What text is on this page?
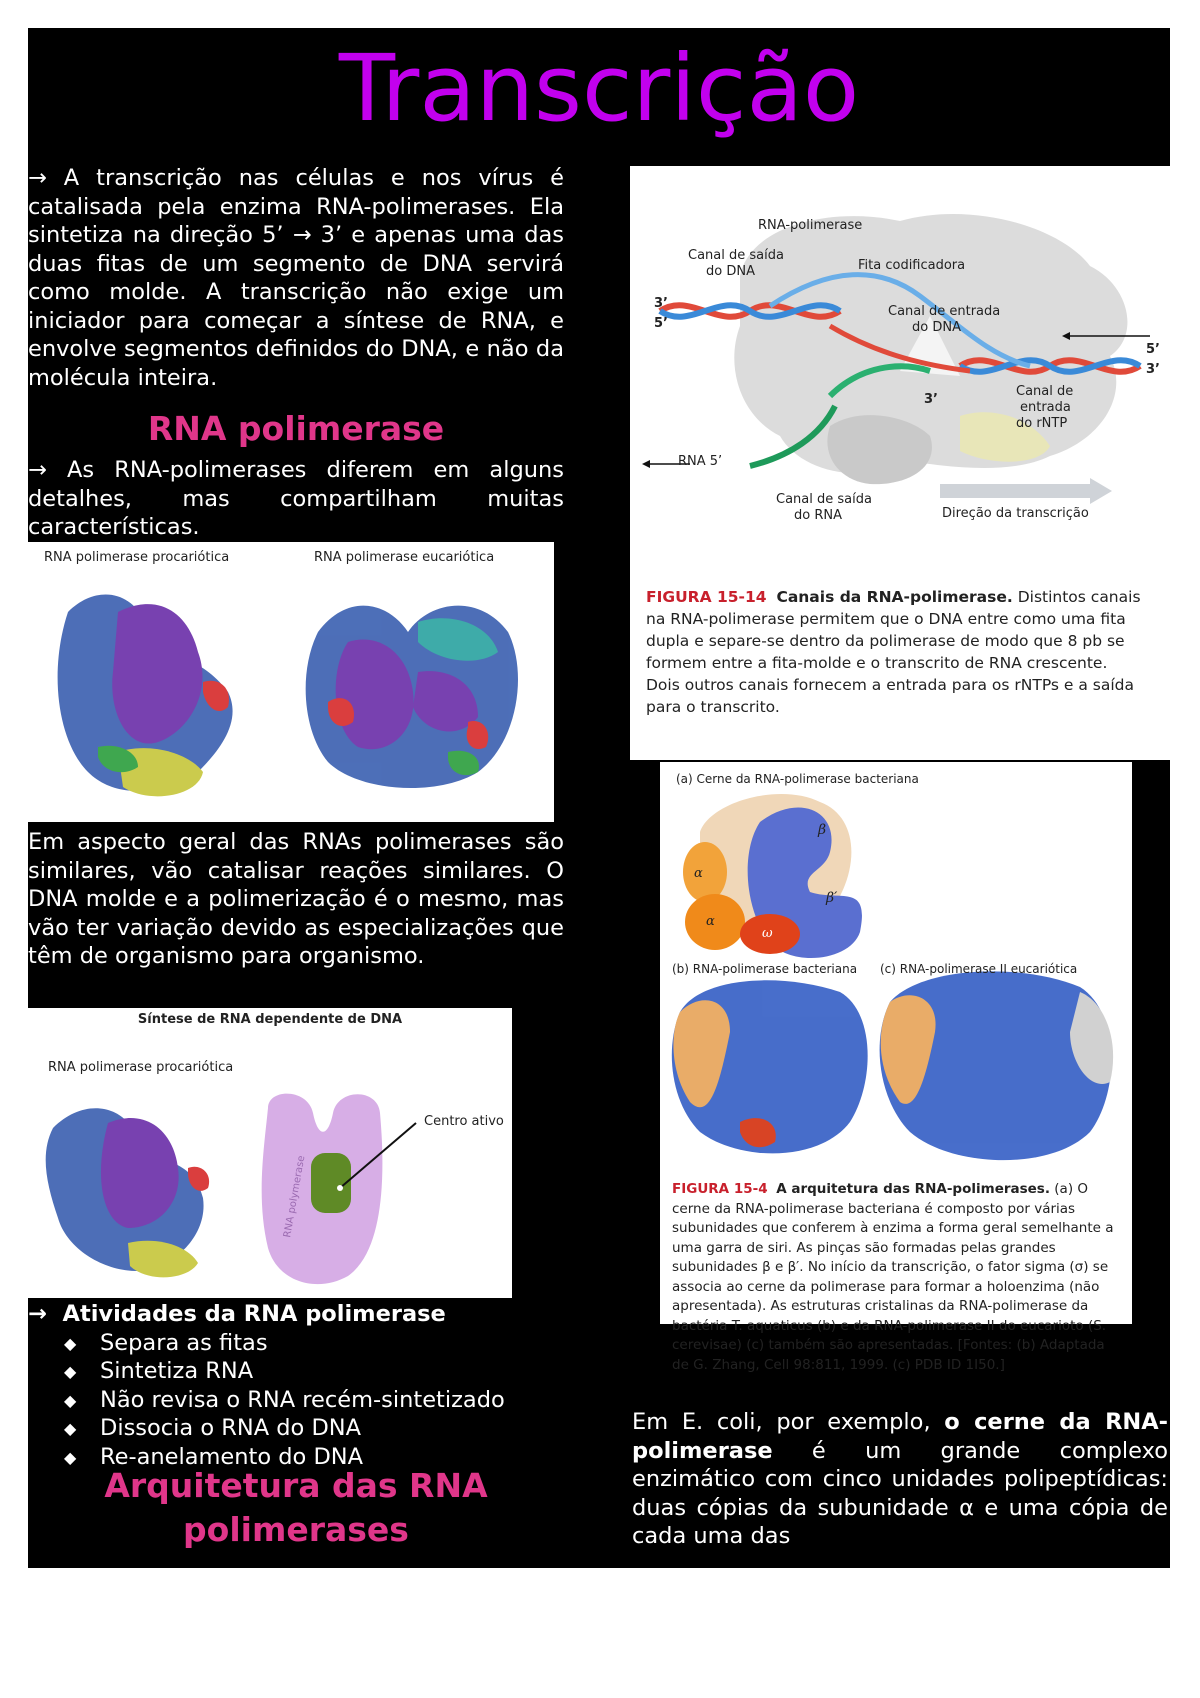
Transcrição
→ A transcrição nas células e nos vírus é catalisada pela enzima RNA-polimerases. Ela sintetiza na direção 5’ → 3’ e apenas uma das duas fitas de um segmento de DNA servirá como molde. A transcrição não exige um iniciador para começar a síntese de RNA, e envolve segmentos definidos do DNA, e não da molécula inteira.
RNA polimerase
→ As RNA-polimerases diferem em alguns detalhes, mas compartilham muitas características.
RNA polimerase procariótica	RNA polimerase eucariótica
Em aspecto geral das RNAs polimerases são similares, vão catalisar reações similares. O DNA molde e a polimerização é o mesmo, mas vão ter variação devido as especializações que têm de organismo para organismo.
Síntese de RNA dependente de DNA
RNA polimerase procariótica
Centro ativo
RNA polymerase
→ Atividades da RNA polimerase
◆ Separa as fitas
◆ Sintetiza RNA
◆ Não revisa o RNA recém-sintetizado
◆ Dissocia o RNA do DNA
◆ Re-anelamento do DNA
Arquitetura das RNA
polimerases
RNA-polimerase
Canal de saída
do DNA	Fita codificadora
Canal de entrada
do DNA
Canal de
entrada
do rNTP
Canal de saída
do RNA	Direção da transcrição
RNA 5’
3’
5’
5’
3’
3’
FIGURA 15-14 Canais da RNA-polimerase. Distintos canais na RNA-polimerase permitem que o DNA entre como uma fita dupla e separe-se dentro da polimerase de modo que 8 pb se formem entre a fita-molde e o transcrito de RNA crescente. Dois outros canais fornecem a entrada para os rNTPs e a saída para o transcrito.
(a) Cerne da RNA-polimerase bacteriana
β
β′
α
α
ω
(b) RNA-polimerase bacteriana (c) RNA-polimerase II eucariótica
FIGURA 15-4 A arquitetura das RNA-polimerases. (a) O cerne da RNA-polimerase bacteriana é composto por várias subunidades que conferem à enzima a forma geral semelhante a uma garra de siri. As pinças são formadas pelas grandes subunidades β e β′. No início da transcrição, o fator sigma (σ) se associa ao cerne da polimerase para formar a holoenzima (não apresentada). As estruturas cristalinas da RNA-polimerase da bactéria T. aquaticus (b) e da RNA-polimerase II do eucarioto (S. cerevisae) (c) também são apresentadas. [Fontes: (b) Adaptada de G. Zhang, Cell 98:811, 1999. (c) PDB ID 1I50.]
Em E. coli, por exemplo, o cerne da RNA-polimerase é um grande complexo enzimático com cinco unidades polipeptídicas: duas cópias da subunidade α e uma cópia de cada uma das
